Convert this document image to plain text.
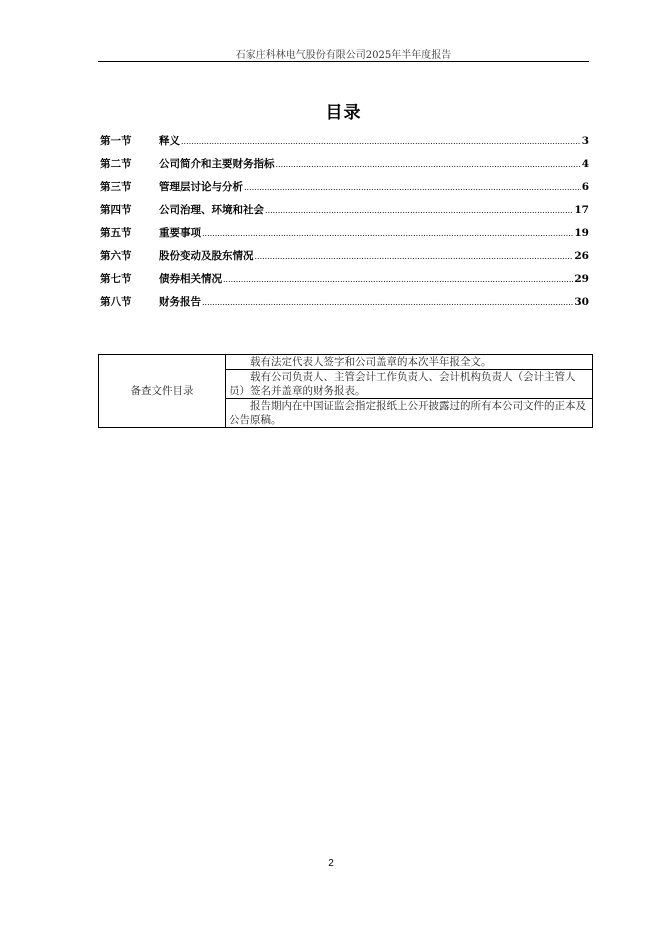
石家庄科林电气股份有限公司2025年半年度报告
目录
第一节	释义 .....	3
第二节	公司简介和主要财务指标 .....	4
第三节	管理层讨论与分析 .....	6
第四节	公司治理、环境和社会 .....	17
第五节	重要事项 .....	19
第六节	股份变动及股东情况 .....	26
第七节	债券相关情况 .....	29
第八节	财务报告 .....	30
备查文件目录	载有法定代表人签字和公司盖章的本次半年报全文。
载有公司负责人、主管会计工作负责人、会计机构负责人（会计主管人 员）签名并盖章的财务报表。
报告期内在中国证监会指定报纸上公开披露过的所有本公司文件的正本及公告原稿。
2
